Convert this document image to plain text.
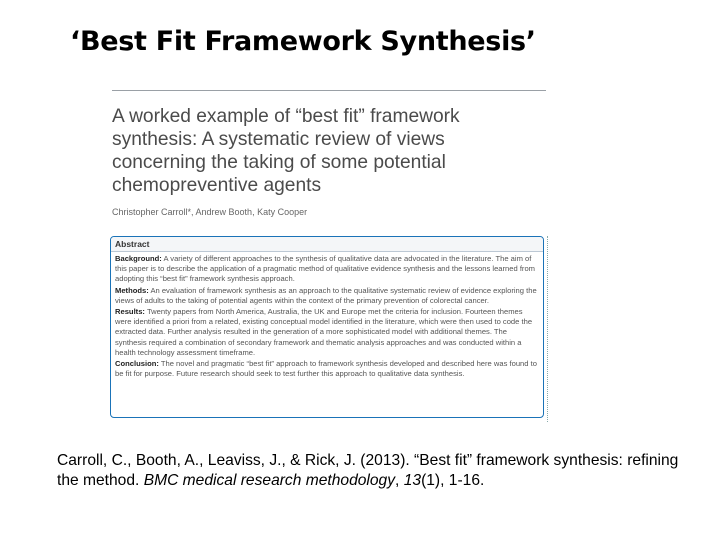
‘Best Fit Framework Synthesis’
A worked example of “best fit” framework synthesis: A systematic review of views concerning the taking of some potential chemopreventive agents
Christopher Carroll*, Andrew Booth, Katy Cooper
Abstract

Background: A variety of different approaches to the synthesis of qualitative data are advocated in the literature. The aim of this paper is to describe the application of a pragmatic method of qualitative evidence synthesis and the lessons learned from adopting this “best fit” framework synthesis approach.

Methods: An evaluation of framework synthesis as an approach to the qualitative systematic review of evidence exploring the views of adults to the taking of potential agents within the context of the primary prevention of colorectal cancer.

Results: Twenty papers from North America, Australia, the UK and Europe met the criteria for inclusion. Fourteen themes were identified a priori from a related, existing conceptual model identified in the literature, which were then used to code the extracted data. Further analysis resulted in the generation of a more sophisticated model with additional themes. The synthesis required a combination of secondary framework and thematic analysis approaches and was conducted within a health technology assessment timeframe.

Conclusion: The novel and pragmatic “best fit” approach to framework synthesis developed and described here was found to be fit for purpose. Future research should seek to test further this approach to qualitative data synthesis.

Carroll, C., Booth, A., Leaviss, J., & Rick, J. (2013). “Best fit” framework synthesis: refining the method. BMC medical research methodology, 13(1), 1-16.
